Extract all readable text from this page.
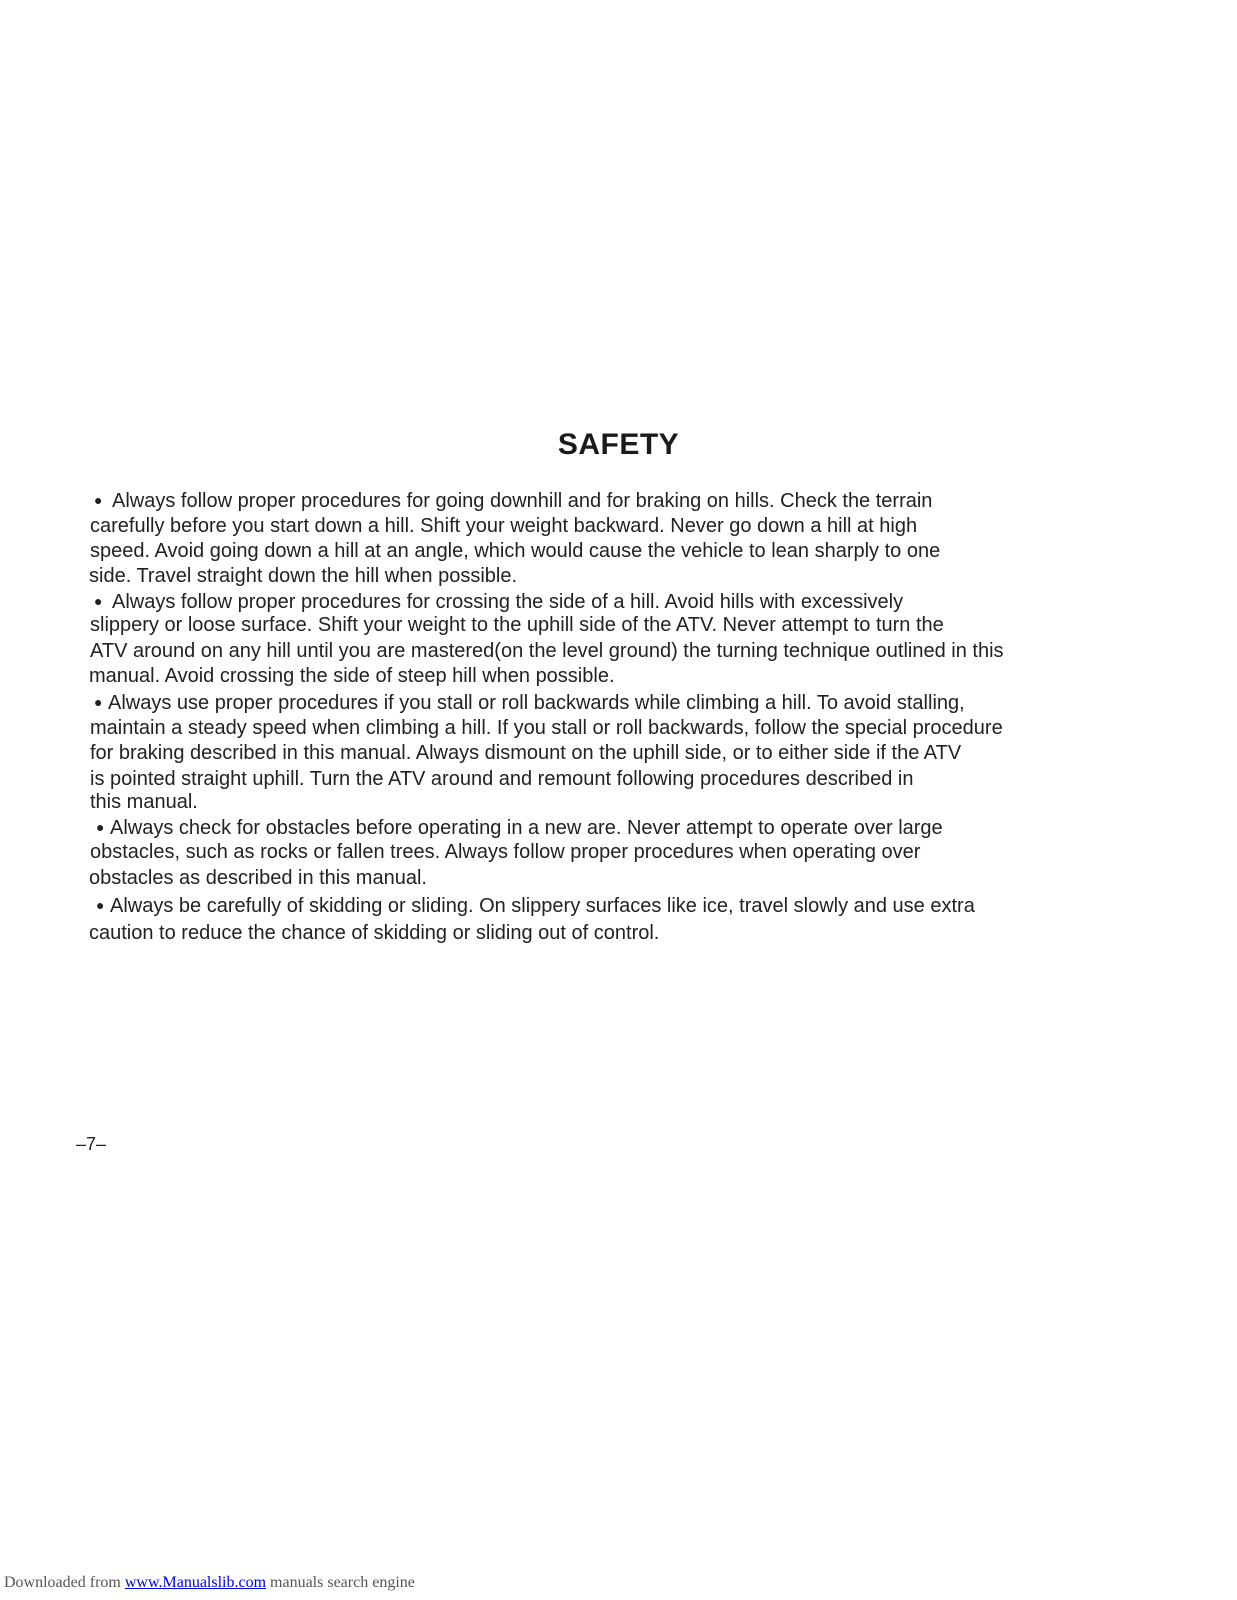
SAFETY
● Always follow proper procedures for going downhill and for braking on hills. Check the terrain
carefully before you start down a hill. Shift your weight backward. Never go down a hill at high
speed. Avoid going down a hill at an angle, which would cause the vehicle to lean sharply to one
side. Travel straight down the hill when possible.
● Always follow proper procedures for crossing the side of a hill. Avoid hills with excessively
slippery or loose surface. Shift your weight to the uphill side of the ATV. Never attempt to turn the
ATV around on any hill until you are mastered(on the level ground) the turning technique outlined in this
manual. Avoid crossing the side of steep hill when possible.
● Always use proper procedures if you stall or roll backwards while climbing a hill. To avoid stalling,
maintain a steady speed when climbing a hill. If you stall or roll backwards, follow the special procedure
for braking described in this manual. Always dismount on the uphill side, or to either side if the ATV
is pointed straight uphill. Turn the ATV around and remount following procedures described in
this manual.
● Always check for obstacles before operating in a new are. Never attempt to operate over large
obstacles, such as rocks or fallen trees. Always follow proper procedures when operating over
obstacles as described in this manual.
● Always be carefully of skidding or sliding. On slippery surfaces like ice, travel slowly and use extra
caution to reduce the chance of skidding or sliding out of control.
–7–
Downloaded from www.Manualslib.com manuals search engine
